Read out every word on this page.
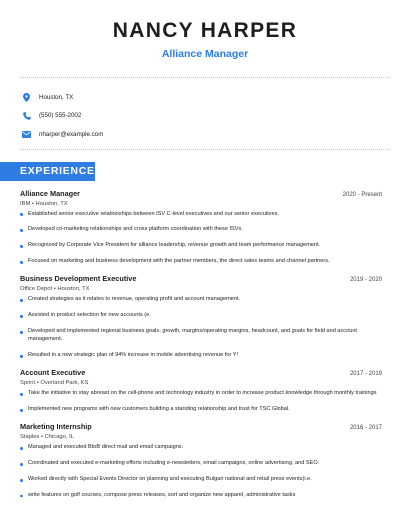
NANCY HARPER
Alliance Manager
Houston, TX
(550) 555-2002
nharper@example.com
EXPERIENCE
Alliance Manager	2020 - Present
IBM • Houston, TX
Established senior executive relationships between ISV C-level executives and our senior executives.
Developed co-marketing relationships and cross platform coordination with these ISVs.
Recognized by Corporate Vice President for alliance leadership, revenue growth and team performance management.
Focused on marketing and business development with the partner members, the direct sales teams and channel partners.
Business Development Executive	2019 - 2020
Office Depot • Houston, TX
Created strategies as it relates to revenue, operating profit and account management.
Assisted in product selection for new accounts (e.
Developed and implemented regional business goals, growth, margins/operating margins, headcount, and goals for field and account management.
Resulted in a new strategic plan of 94% increase in mobile advertising revenue for Y!
Account Executive	2017 - 2019
Sprint • Overland Park, KS
Take the initiative to stay abreast on the cell-phone and technology industry in order to increase product knowledge through monthly trainings
Implemented new programs with new customers building a standing relationship and trust for TSC Global.
Marketing Internship	2016 - 2017
Staples • Chicago, IL
Managed and executed BtoB direct mail and email campaigns.
Coordinated and executed e-marketing efforts including e-newsletters, email campaigns, online advertising, and SEO.
Worked directly with Special Events Director on planning and executing Bulgari national and retail press events(i.e.
write features on golf courses, compose press releases, sort and organize new apparel, administrative tasks
